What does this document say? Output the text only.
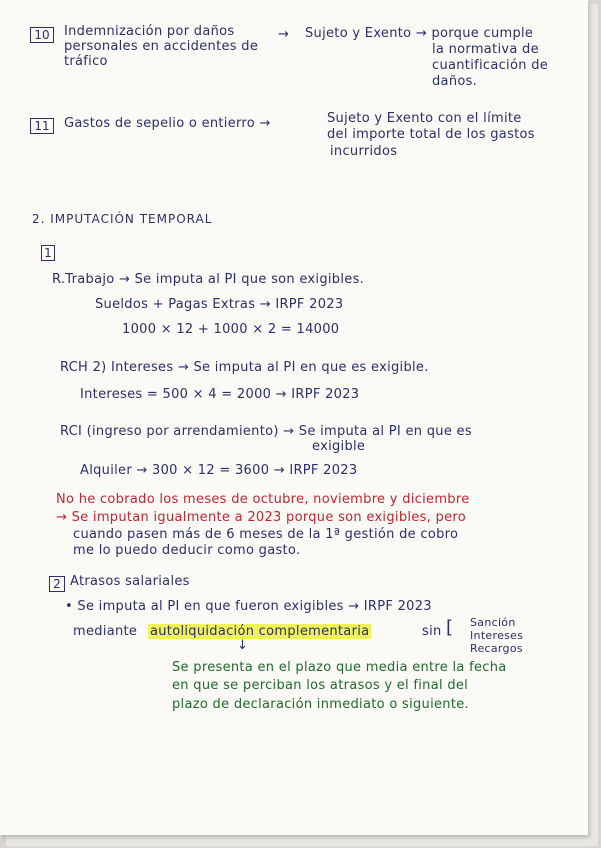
10	Indemnización por daños
personales en accidentes de
tráfico
→ Sujeto y Exento → porque cumple
la normativa de
cuantificación de
daños.
11	Gastos de sepelio o entierro →	Sujeto y Exento con el límite
del importe total de los gastos
incurridos
2. IMPUTACIÓN TEMPORAL
1
R.Trabajo → Se imputa al PI que son exigibles.
Sueldos + Pagas Extras → IRPF 2023
1000 × 12 + 1000 × 2 = 14000
RCH 2) Intereses → Se imputa al PI en que es exigible.
Intereses = 500 × 4 = 2000 → IRPF 2023
RCI (ingreso por arrendamiento) → Se imputa al PI en que es
exigible
Alquiler → 300 × 12 = 3600 → IRPF 2023
No he cobrado los meses de octubre, noviembre y diciembre
→ Se imputan igualmente a 2023 porque son exigibles, pero
cuando pasen más de 6 meses de la 1ª gestión de cobro
me lo puedo deducir como gasto.
2 Atrasos salariales
• Se imputa al PI en que fueron exigibles → IRPF 2023
mediante autoliquidación complementaria	sin [ Sanción
Intereses
Recargos
↓
Se presenta en el plazo que media entre la fecha
en que se perciban los atrasos y el final del
plazo de declaración inmediato o siguiente.
